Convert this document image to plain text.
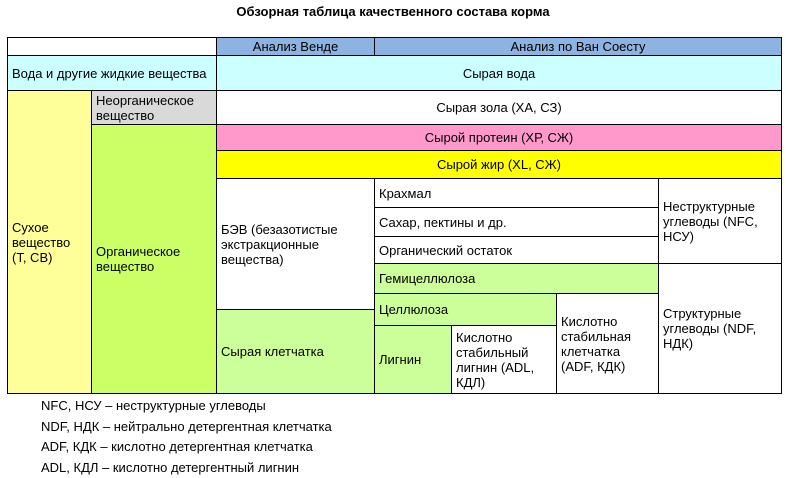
Обзорная таблица качественного состава корма
Анализ Венде	Анализ по Ван Соесту
Вода и другие жидкие вещества	Сырая вода
Сухое вещество (Т, СВ)
Неорганическое вещество
Органическое вещество
Сырая зола (ХА, СЗ)
Сырой протеин (ХР, СЖ)
Сырой жир (XL, СЖ)
БЭВ (безазотистые экстракционные вещества)
Сырая клетчатка
Крахмал
Сахар, пектины и др.
Органический остаток
Неструктурные углеводы (NFC, НСУ)
Гемицеллюлоза
Структурные углеводы (NDF, НДК)
Целлюлоза
Лигнин
Кислотно стабильный лигнин (ADL, КДЛ)
Кислотно стабильная клетчатка (ADF, КДК)
NFC, НСУ – неструктурные углеводы
NDF, НДК – нейтрально детергентная клетчатка
ADF, КДК – кислотно детергентная клетчатка
ADL, КДЛ – кислотно детергентный лигнин
